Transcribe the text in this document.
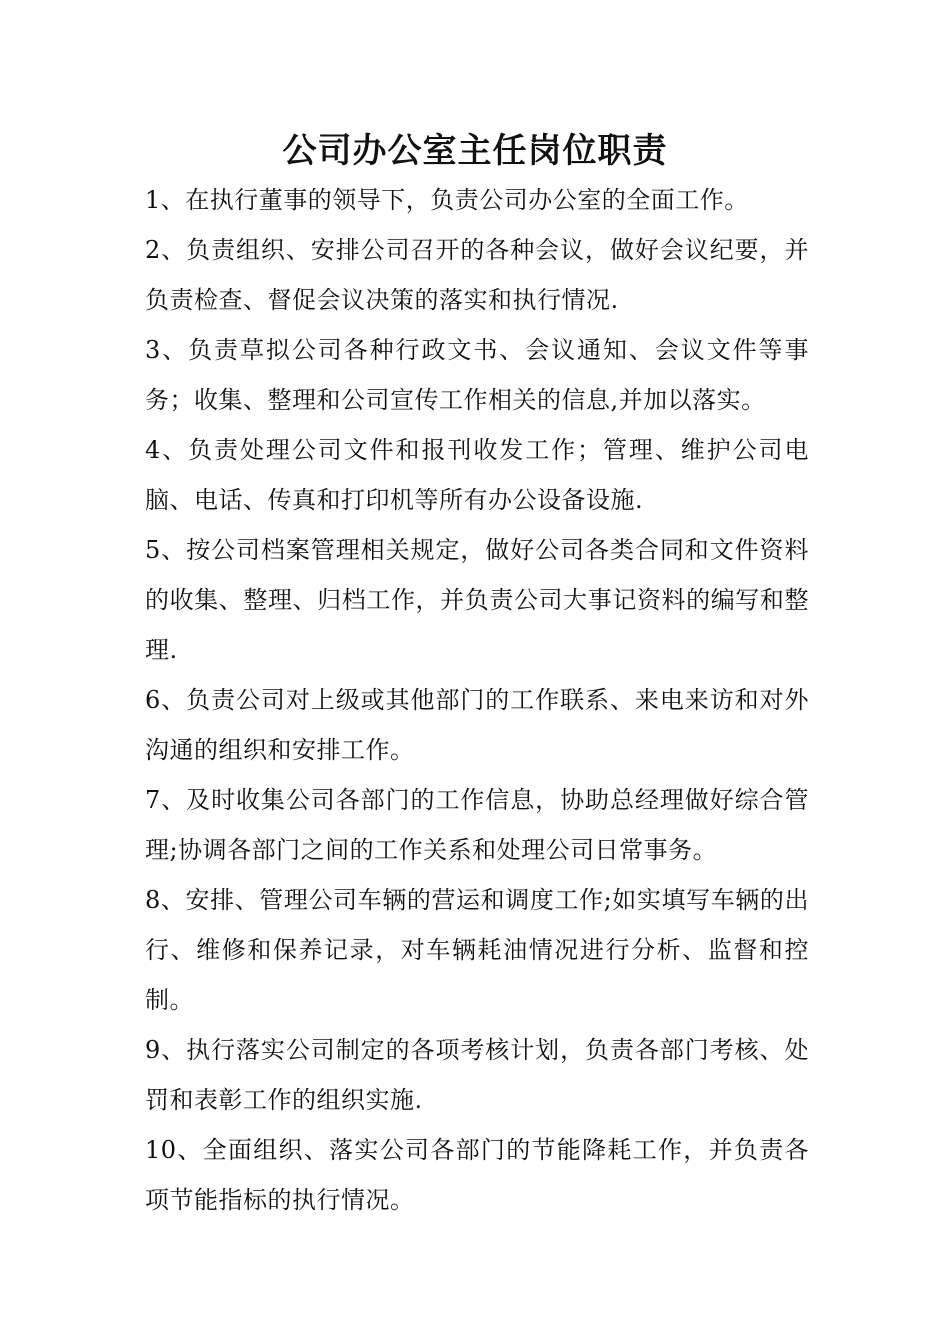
公司办公室主任岗位职责
1、在执行董事的领导下，负责公司办公室的全面工作。
2、负责组织、安排公司召开的各种会议，做好会议纪要，并负责检查、督促会议决策的落实和执行情况.
3、负责草拟公司各种行政文书、会议通知、会议文件等事务；收集、整理和公司宣传工作相关的信息,并加以落实。
4、负责处理公司文件和报刊收发工作；管理、维护公司电脑、电话、传真和打印机等所有办公设备设施.
5、按公司档案管理相关规定，做好公司各类合同和文件资料的收集、整理、归档工作，并负责公司大事记资料的编写和整理.
6、负责公司对上级或其他部门的工作联系、来电来访和对外沟通的组织和安排工作。
7、及时收集公司各部门的工作信息，协助总经理做好综合管理;协调各部门之间的工作关系和处理公司日常事务。
8、安排、管理公司车辆的营运和调度工作;如实填写车辆的出行、维修和保养记录，对车辆耗油情况进行分析、监督和控制。
9、执行落实公司制定的各项考核计划，负责各部门考核、处罚和表彰工作的组织实施.
10、全面组织、落实公司各部门的节能降耗工作，并负责各项节能指标的执行情况。
